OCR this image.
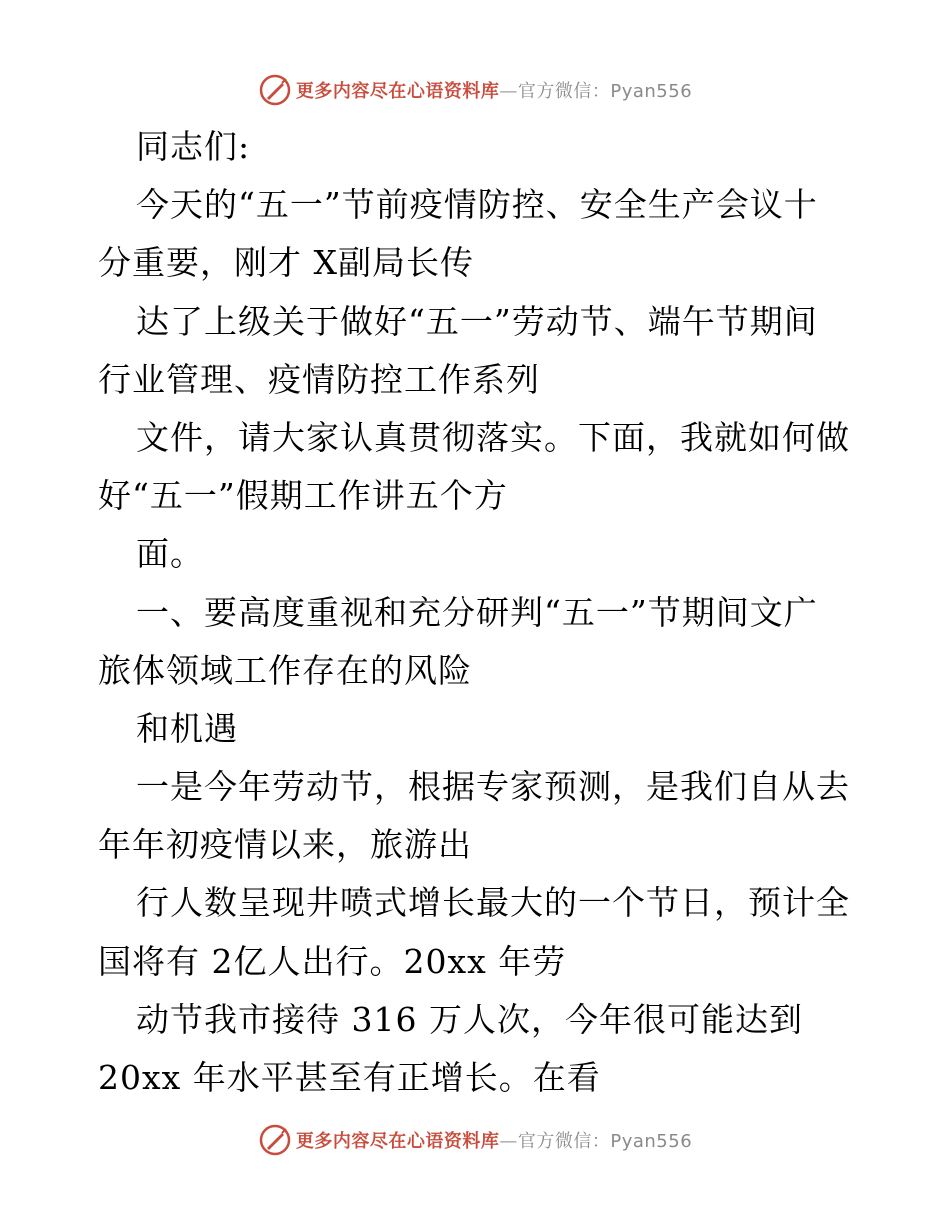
更多内容尽在心语资料库—官方微信：Pyan556
同志们:
今天的“五一”节前疫情防控、安全生产会议十
分重要，刚才 X副局长传
达了上级关于做好“五一”劳动节、端午节期间
行业管理、疫情防控工作系列
文件，请大家认真贯彻落实。下面，我就如何做
好“五一”假期工作讲五个方
面。
一、要高度重视和充分研判“五一”节期间文广
旅体领域工作存在的风险
和机遇
一是今年劳动节，根据专家预测，是我们自从去
年年初疫情以来，旅游出
行人数呈现井喷式增长最大的一个节日，预计全
国将有 2亿人出行。20xx 年劳
动节我市接待 316 万人次，今年很可能达到
20xx 年水平甚至有正增长。在看
更多内容尽在心语资料库—官方微信：Pyan556
